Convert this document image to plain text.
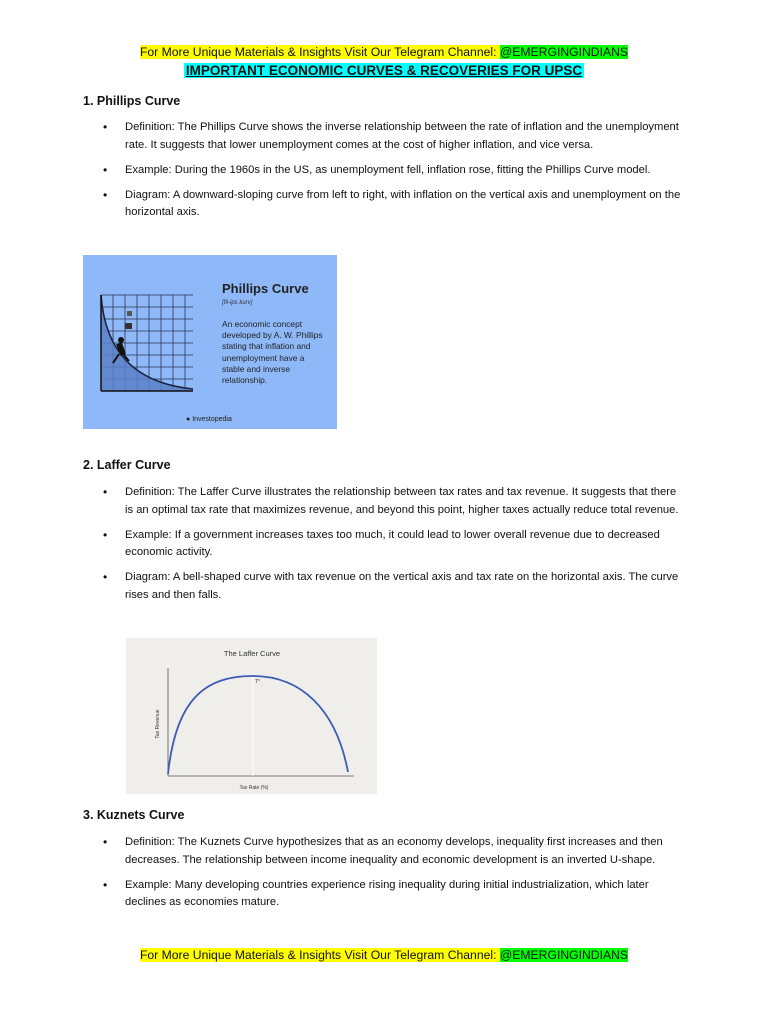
For More Unique Materials & Insights Visit Our Telegram Channel: @EMERGINGINDIANS
IMPORTANT ECONOMIC CURVES & RECOVERIES FOR UPSC
1. Phillips Curve
• Definition: The Phillips Curve shows the inverse relationship between the rate of inflation and the unemployment rate. It suggests that lower unemployment comes at the cost of higher inflation, and vice versa.
• Example: During the 1960s in the US, as unemployment fell, inflation rose, fitting the Phillips Curve model.
• Diagram: A downward-sloping curve from left to right, with inflation on the vertical axis and unemployment on the horizontal axis.
Phillips Curve
[fil-ips kurv]
An economic concept developed by A. W. Phillips stating that inflation and unemployment have a stable and inverse relationship.
● Investopedia
2. Laffer Curve
• Definition: The Laffer Curve illustrates the relationship between tax rates and tax revenue. It suggests that there is an optimal tax rate that maximizes revenue, and beyond this point, higher taxes actually reduce total revenue.
• Example: If a government increases taxes too much, it could lead to lower overall revenue due to decreased economic activity.
• Diagram: A bell-shaped curve with tax revenue on the vertical axis and tax rate on the horizontal axis. The curve rises and then falls.
The Laffer Curve
T*
Tax Rate (%)
Tax Revenue
3. Kuznets Curve
• Definition: The Kuznets Curve hypothesizes that as an economy develops, inequality first increases and then decreases. The relationship between income inequality and economic development is an inverted U-shape.
• Example: Many developing countries experience rising inequality during initial industrialization, which later declines as economies mature.
For More Unique Materials & Insights Visit Our Telegram Channel: @EMERGINGINDIANS
